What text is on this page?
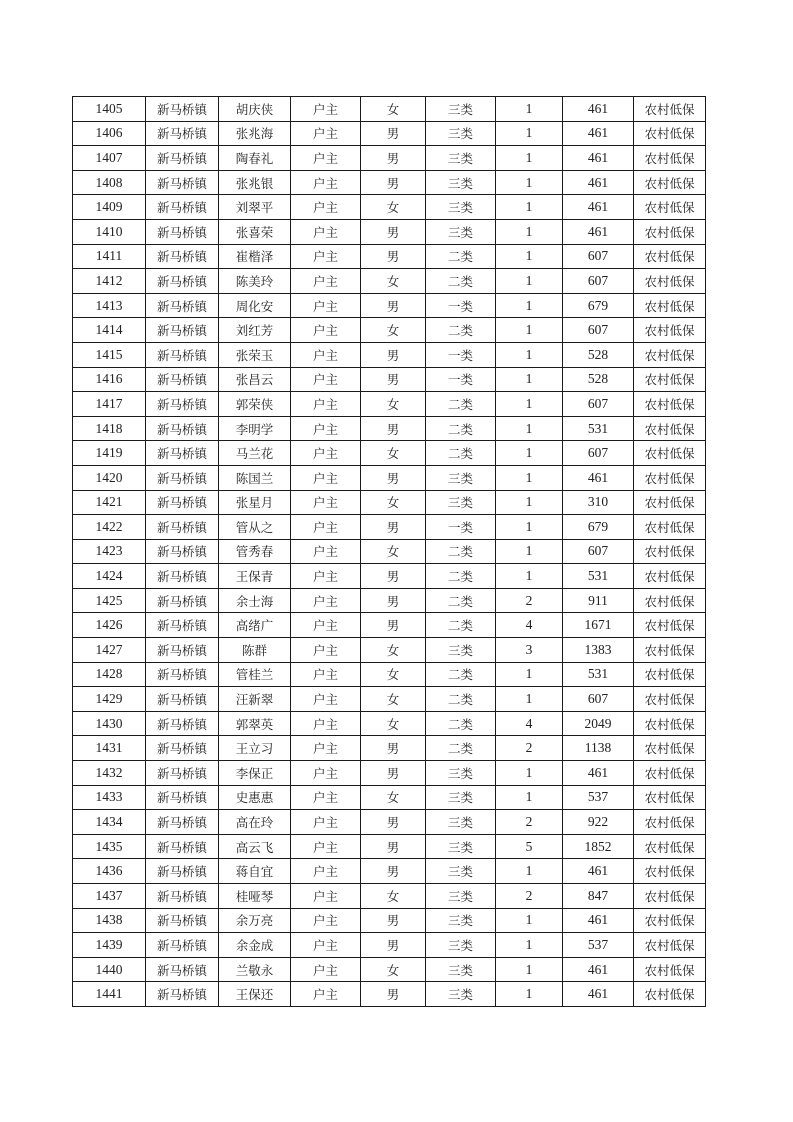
1405	新马桥镇	胡庆侠	户主	女	三类	1	461	农村低保
1406	新马桥镇	张兆海	户主	男	三类	1	461	农村低保
1407	新马桥镇	陶春礼	户主	男	三类	1	461	农村低保
1408	新马桥镇	张兆银	户主	男	三类	1	461	农村低保
1409	新马桥镇	刘翠平	户主	女	三类	1	461	农村低保
1410	新马桥镇	张喜荣	户主	男	三类	1	461	农村低保
1411	新马桥镇	崔楷泽	户主	男	二类	1	607	农村低保
1412	新马桥镇	陈美玲	户主	女	二类	1	607	农村低保
1413	新马桥镇	周化安	户主	男	一类	1	679	农村低保
1414	新马桥镇	刘红芳	户主	女	二类	1	607	农村低保
1415	新马桥镇	张荣玉	户主	男	一类	1	528	农村低保
1416	新马桥镇	张昌云	户主	男	一类	1	528	农村低保
1417	新马桥镇	郭荣侠	户主	女	二类	1	607	农村低保
1418	新马桥镇	李明学	户主	男	二类	1	531	农村低保
1419	新马桥镇	马兰花	户主	女	二类	1	607	农村低保
1420	新马桥镇	陈国兰	户主	男	三类	1	461	农村低保
1421	新马桥镇	张星月	户主	女	三类	1	310	农村低保
1422	新马桥镇	管从之	户主	男	一类	1	679	农村低保
1423	新马桥镇	管秀春	户主	女	二类	1	607	农村低保
1424	新马桥镇	王保青	户主	男	二类	1	531	农村低保
1425	新马桥镇	余士海	户主	男	二类	2	911	农村低保
1426	新马桥镇	高绪广	户主	男	二类	4	1671	农村低保
1427	新马桥镇	陈群	户主	女	三类	3	1383	农村低保
1428	新马桥镇	管桂兰	户主	女	二类	1	531	农村低保
1429	新马桥镇	汪新翠	户主	女	二类	1	607	农村低保
1430	新马桥镇	郭翠英	户主	女	二类	4	2049	农村低保
1431	新马桥镇	王立习	户主	男	二类	2	1138	农村低保
1432	新马桥镇	李保正	户主	男	三类	1	461	农村低保
1433	新马桥镇	史惠惠	户主	女	三类	1	537	农村低保
1434	新马桥镇	高在玲	户主	男	三类	2	922	农村低保
1435	新马桥镇	高云飞	户主	男	三类	5	1852	农村低保
1436	新马桥镇	蒋自宜	户主	男	三类	1	461	农村低保
1437	新马桥镇	桂哑琴	户主	女	三类	2	847	农村低保
1438	新马桥镇	余万亮	户主	男	三类	1	461	农村低保
1439	新马桥镇	余金成	户主	男	三类	1	537	农村低保
1440	新马桥镇	兰敬永	户主	女	三类	1	461	农村低保
1441	新马桥镇	王保还	户主	男	三类	1	461	农村低保
